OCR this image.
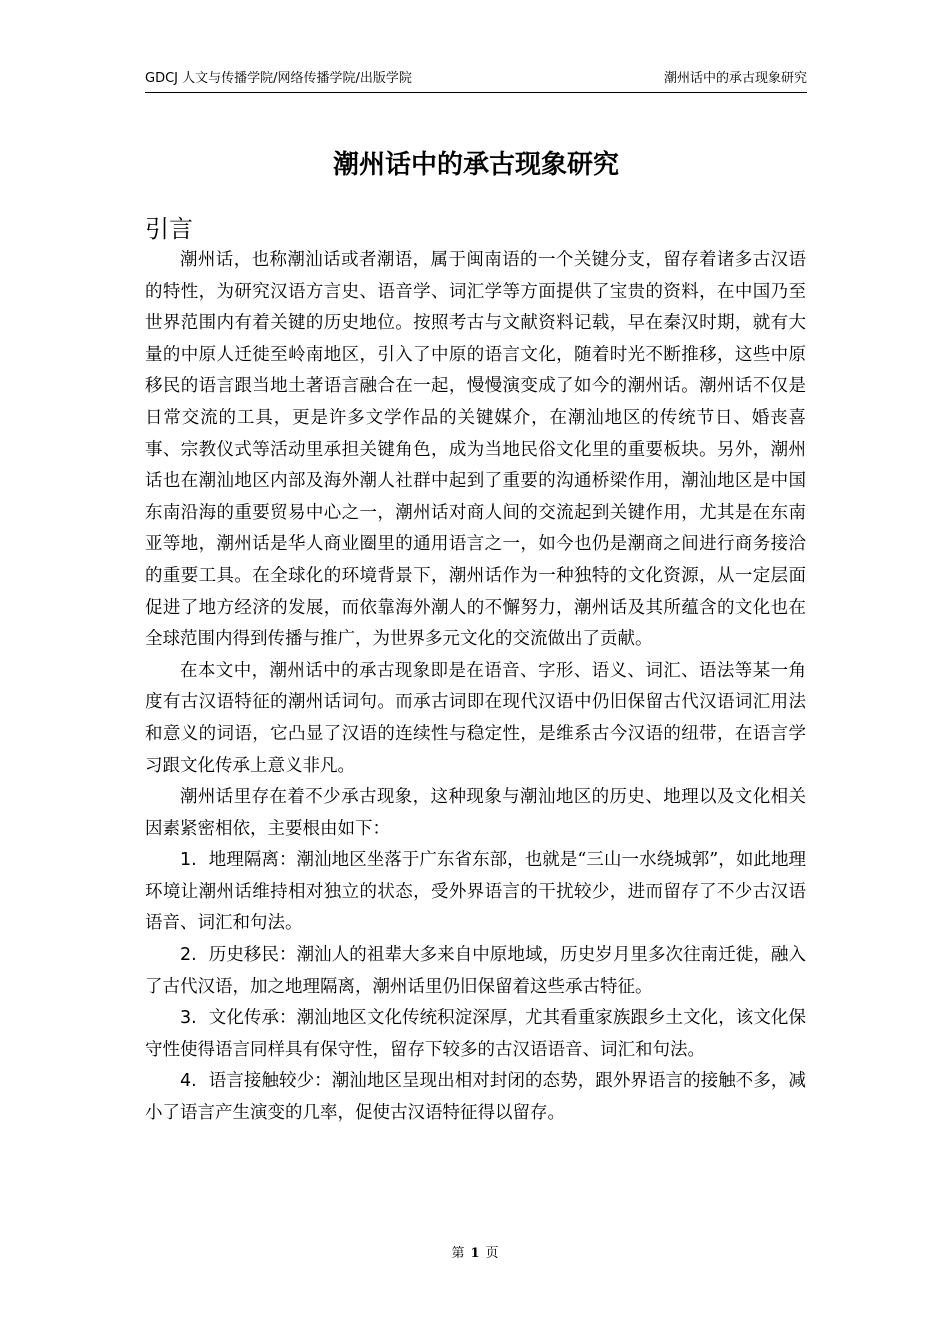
GDCJ 人文与传播学院/网络传播学院/出版学院	潮州话中的承古现象研究
潮州话中的承古现象研究
引言

潮州话，也称潮汕话或者潮语，属于闽南语的一个关键分支，留存着诸多古汉语的特性，为研究汉语方言史、语音学、词汇学等方面提供了宝贵的资料，在中国乃至世界范围内有着关键的历史地位。按照考古与文献资料记载，早在秦汉时期，就有大量的中原人迁徙至岭南地区，引入了中原的语言文化，随着时光不断推移，这些中原移民的语言跟当地土著语言融合在一起，慢慢演变成了如今的潮州话。潮州话不仅是日常交流的工具，更是许多文学作品的关键媒介，在潮汕地区的传统节日、婚丧喜事、宗教仪式等活动里承担关键角色，成为当地民俗文化里的重要板块。另外，潮州话也在潮汕地区内部及海外潮人社群中起到了重要的沟通桥梁作用，潮汕地区是中国东南沿海的重要贸易中心之一，潮州话对商人间的交流起到关键作用，尤其是在东南亚等地，潮州话是华人商业圈里的通用语言之一，如今也仍是潮商之间进行商务接洽的重要工具。在全球化的环境背景下，潮州话作为一种独特的文化资源，从一定层面促进了地方经济的发展，而依靠海外潮人的不懈努力，潮州话及其所蕴含的文化也在全球范围内得到传播与推广，为世界多元文化的交流做出了贡献。

在本文中，潮州话中的承古现象即是在语音、字形、语义、词汇、语法等某一角度有古汉语特征的潮州话词句。而承古词即在现代汉语中仍旧保留古代汉语词汇用法和意义的词语，它凸显了汉语的连续性与稳定性，是维系古今汉语的纽带，在语言学习跟文化传承上意义非凡。

潮州话里存在着不少承古现象，这种现象与潮汕地区的历史、地理以及文化相关因素紧密相依，主要根由如下：

1. 地理隔离：潮汕地区坐落于广东省东部，也就是“三山一水绕城郭”，如此地理环境让潮州话维持相对独立的状态，受外界语言的干扰较少，进而留存了不少古汉语语音、词汇和句法。

2. 历史移民：潮汕人的祖辈大多来自中原地域，历史岁月里多次往南迁徙，融入了古代汉语，加之地理隔离，潮州话里仍旧保留着这些承古特征。

3. 文化传承：潮汕地区文化传统积淀深厚，尤其看重家族跟乡土文化，该文化保守性使得语言同样具有保守性，留存下较多的古汉语语音、词汇和句法。

4. 语言接触较少：潮汕地区呈现出相对封闭的态势，跟外界语言的接触不多，减小了语言产生演变的几率，促使古汉语特征得以留存。

第 1 页
